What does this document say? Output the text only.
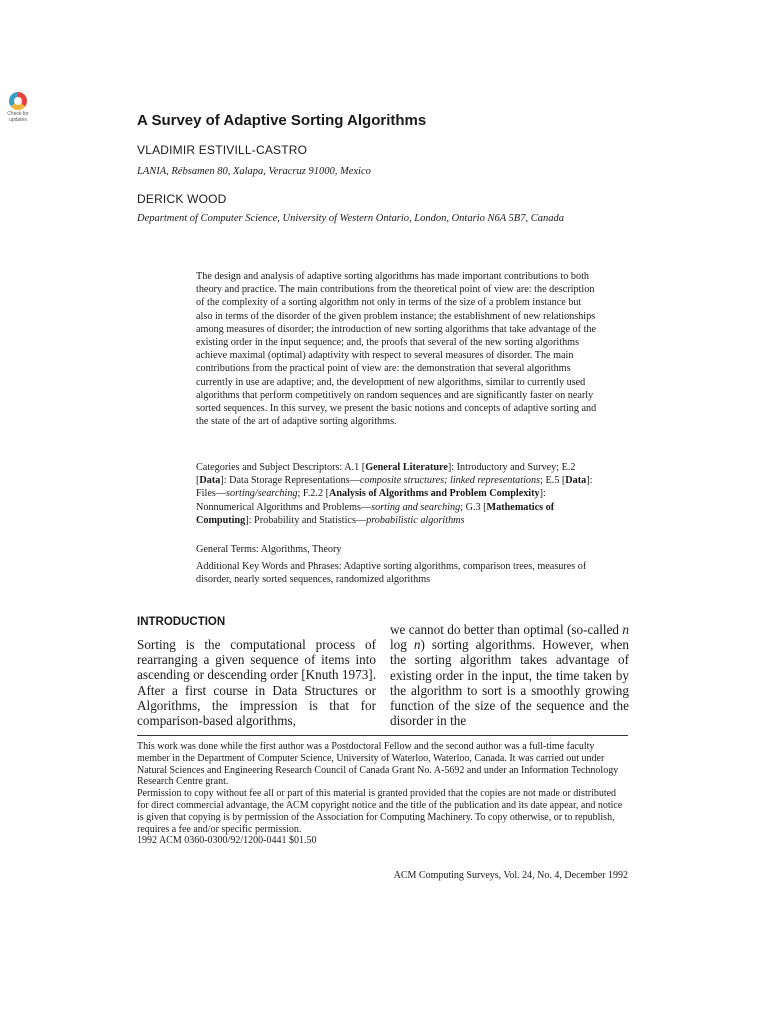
Check for
updates	A Survey of Adaptive Sorting Algorithms
VLADIMIR ESTIVILL-CASTRO
LANIA, Rébsamen 80, Xalapa, Veracruz 91000, Mexico
DERICK WOOD
Department of Computer Science, University of Western Ontario, London, Ontario N6A 5B7, Canada

The design and analysis of adaptive sorting algorithms has made important contributions to both theory and practice. The main contributions from the theoretical point of view are: the description of the complexity of a sorting algorithm not only in terms of the size of a problem instance but also in terms of the disorder of the given problem instance; the establishment of new relationships among measures of disorder; the introduction of new sorting algorithms that take advantage of the existing order in the input sequence; and, the proofs that several of the new sorting algorithms achieve maximal (optimal) adaptivity with respect to several measures of disorder. The main contributions from the practical point of view are: the demonstration that several algorithms currently in use are adaptive; and, the development of new algorithms, similar to currently used algorithms that perform competitively on random sequences and are significantly faster on nearly sorted sequences. In this survey, we present the basic notions and concepts of adaptive sorting and the state of the art of adaptive sorting algorithms.

Categories and Subject Descriptors: A.1 [General Literature]: Introductory and Survey; E.2 [Data]: Data Storage Representations—composite structures; linked representations; E.5 [Data]: Files—sorting/searching; F.2.2 [Analysis of Algorithms and Problem Complexity]: Nonnumerical Algorithms and Problems—sorting and searching; G.3 [Mathematics of Computing]: Probability and Statistics—probabilistic algorithms

General Terms: Algorithms, Theory

Additional Key Words and Phrases: Adaptive sorting algorithms, comparison trees, measures of disorder, nearly sorted sequences, randomized algorithms

INTRODUCTION

Sorting is the computational process of rearranging a given sequence of items into ascending or descending order [Knuth 1973]. After a first course in Data Structures or Algorithms, the impression is that for comparison-based algorithms,

we cannot do better than optimal (so-called n log n) sorting algorithms. However, when the sorting algorithm takes advantage of existing order in the input, the time taken by the algorithm to sort is a smoothly growing function of the size of the sequence and the disorder in the

This work was done while the first author was a Postdoctoral Fellow and the second author was a full-time faculty member in the Department of Computer Science, University of Waterloo, Waterloo, Canada. It was carried out under Natural Sciences and Engineering Research Council of Canada Grant No. A-5692 and under an Information Technology Research Centre grant.
Permission to copy without fee all or part of this material is granted provided that the copies are not made or distributed for direct commercial advantage, the ACM copyright notice and the title of the publication and its date appear, and notice is given that copying is by permission of the Association for Computing Machinery. To copy otherwise, or to republish, requires a fee and/or specific permission.
1992 ACM 0360-0300/92/1200-0441 $01.50
ACM Computing Surveys, Vol. 24, No. 4, December 1992
